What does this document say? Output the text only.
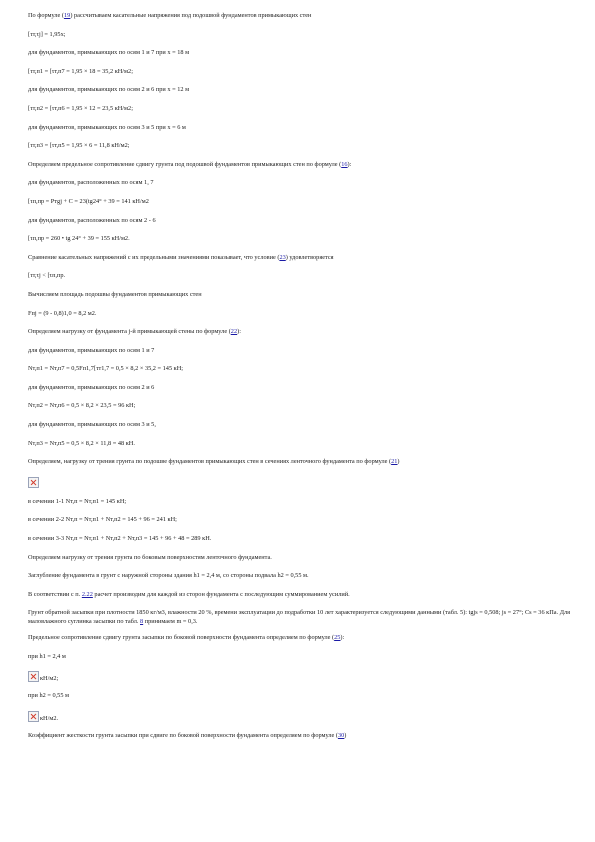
По формуле (19) рассчитываем касательные напряжения под подошвой фундаментов примыкающих стен

[τт,τj] = 1,95x;

для фундаментов, примыкающих по осям 1 и 7 при x = 18 м

[τт,п1 = [τт,п7 = 1,95 × 18 = 35,2 кН/м2;

для фундаментов, примыкающих по осям 2 и 6 при x = 12 м

[τт,п2 = [τт,п6 = 1,95 × 12 = 23,5 кН/м2;

для фундаментов, примыкающих по осям 3 и 5 при x = 6 м

[τт,п3 = [τт,п5 = 1,95 × 6 = 11,8 кН/м2;

Определяем предельное сопротивление сдвигу грунта под подошвой фундаментов примыкающих стен по формуле (16):

для фундаментов, расположенных по осям 1, 7

[τп,пр = Pтgj + C = 23(tg24° + 39 = 141 кН/м2

для фундаментов, расположенных по осям 2 - 6

[τп,пр = 260 • tg 24° + 39 = 155 кН/м2.

Сравнение касательных напряжений с их предельными значениями показывает, что условие (23) удовлетворяется

[τт,τj < [τп,пр.

Вычисляем площадь подошвы фундаментов примыкающих стен

Fпj = (9 - 0,8)1,0 = 8,2 м2.

Определяем нагрузку от фундамента j-й примыкающей стены по формуле (22):

для фундаментов, примыкающих по осям 1 и 7

Nт,п1 = Nт,п7 = 0,5Fп1,7[τт1,7 = 0,5 × 8,2 × 35,2 = 145 кН;

для фундаментов, примыкающих по осям 2 и 6

Nт,п2 = Nт,п6 = 0,5 × 8,2 × 23,5 = 96 кН;

для фундаментов, примыкающих по осям 3 и 5,

Nт,п3 = Nт,п5 = 0,5 × 8,2 × 11,8 = 48 кН.

Определяем, нагрузку от трения грунта по подошве фундаментов примыкающих стен в сечениях ленточного фундамента по формуле (21)

в сечении 1-1 Nт,п = Nт,п1 = 145 кН;

в сечении 2-2 Nт,п = Nт,п1 + Nт,п2 = 145 + 96 = 241 кН;

в сечении 3-3 Nт,п = Nт,п1 + Nт,п2 + Nт,п3 = 145 + 96 + 48 = 289 кН.

Определяем нагрузку от трения грунта по боковым поверхностям ленточного фундамента.

Заглубление фундамента в грунт с наружной стороны здания h1 = 2,4 м, со стороны подвала h2 = 0,55 м.

В соответствии с п. 2.22 расчет производим для каждой из сторон фундамента с последующим суммированием усилий.

Грунт обратной засыпки при плотности 1850 кг/м3, влажности 20 %, времени эксплуатации до подработки 10 лет характеризуется следующими данными (табл. 5): tgjs = 0,508; js = 27°; Cs = 36 кПа. Для маловлажного суглинка засыпки по табл. 8 принимаем m = 0,3.

Предельное сопротивление сдвигу грунта засыпки по боковой поверхности фундамента определяем по формуле (25):

при h1 = 2,4 м

кН/м2;

при h2 = 0,55 м

кН/м2.

Коэффициент жесткости грунта засыпки при сдвиге по боковой поверхности фундамента определяем по формуле (30)
